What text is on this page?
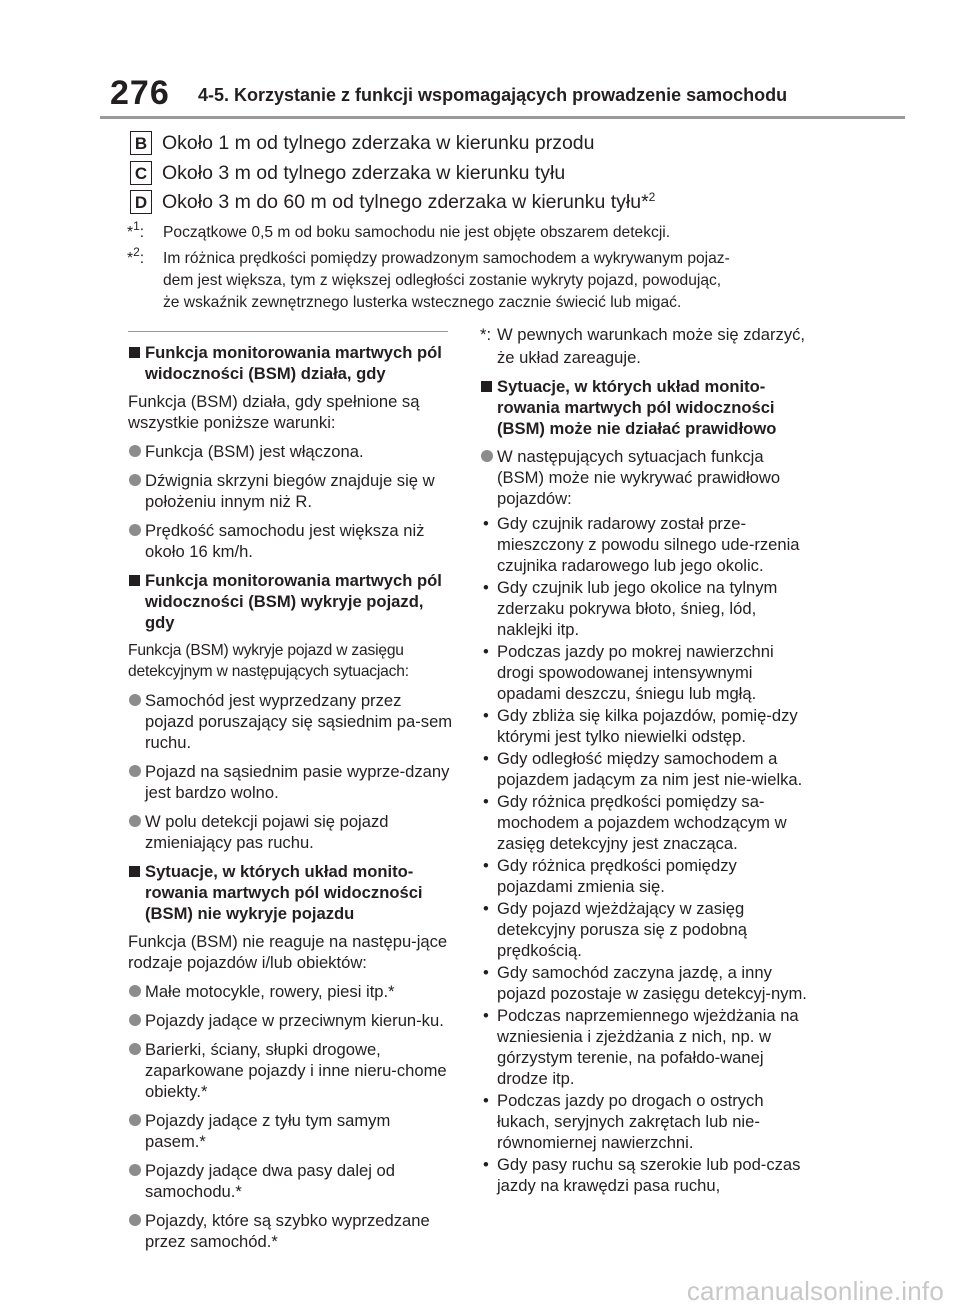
276 4-5. Korzystanie z funkcji wspomagających prowadzenie samochodu
B Około 1 m od tylnego zderzaka w kierunku przodu
C Około 3 m od tylnego zderzaka w kierunku tyłu
D Około 3 m do 60 m od tylnego zderzaka w kierunku tyłu*$^2$
*$^1$: Początkowe 0,5 m od boku samochodu nie jest objęte obszarem detekcji.
*$^2$: Im różnica prędkości pomiędzy prowadzonym samochodem a wykrywanym pojaz-
dem jest większa, tym z większej odległości zostanie wykryty pojazd, powodując,
że wskaźnik zewnętrznego lusterka wstecznego zacznie świecić lub migać.
Funkcja monitorowania martwych pól widoczności (BSM) działa, gdy
Funkcja (BSM) działa, gdy spełnione są wszystkie poniższe warunki:
Funkcja (BSM) jest włączona.
Dźwignia skrzyni biegów znajduje się w położeniu innym niż R.
Prędkość samochodu jest większa niż około 16 km/h.
Funkcja monitorowania martwych pól widoczności (BSM) wykryje pojazd, gdy
Funkcja (BSM) wykryje pojazd w zasięgu detekcyjnym w następujących sytuacjach:
Samochód jest wyprzedzany przez pojazd poruszający się sąsiednim pa-sem ruchu.
Pojazd na sąsiednim pasie wyprze-dzany jest bardzo wolno.
W polu detekcji pojawi się pojazd zmieniający pas ruchu.
Sytuacje, w których układ monito-rowania martwych pól widoczności (BSM) nie wykryje pojazdu
Funkcja (BSM) nie reaguje na następu-jące rodzaje pojazdów i/lub obiektów:
Małe motocykle, rowery, piesi itp.*
Pojazdy jadące w przeciwnym kierun-ku.
Barierki, ściany, słupki drogowe, zaparkowane pojazdy i inne nieru-chome obiekty.*
Pojazdy jadące z tyłu tym samym pasem.*
Pojazdy jadące dwa pasy dalej od samochodu.*
Pojazdy, które są szybko wyprzedzane przez samochód.*
*: W pewnych warunkach może się zdarzyć, że układ zareaguje.
Sytuacje, w których układ monito-rowania martwych pól widoczności (BSM) może nie działać prawidłowo
W następujących sytuacjach funkcja (BSM) może nie wykrywać prawidłowo pojazdów:
• Gdy czujnik radarowy został prze-mieszczony z powodu silnego ude-rzenia czujnika radarowego lub jego okolic.
• Gdy czujnik lub jego okolice na tylnym zderzaku pokrywa błoto, śnieg, lód, naklejki itp.
• Podczas jazdy po mokrej nawierzchni drogi spowodowanej intensywnymi opadami deszczu, śniegu lub mgłą.
• Gdy zbliża się kilka pojazdów, pomię-dzy którymi jest tylko niewielki odstęp.
• Gdy odległość między samochodem a pojazdem jadącym za nim jest nie-wielka.
• Gdy różnica prędkości pomiędzy sa-mochodem a pojazdem wchodzącym w zasięg detekcyjny jest znacząca.
• Gdy różnica prędkości pomiędzy pojazdami zmienia się.
• Gdy pojazd wjeżdżający w zasięg detekcyjny porusza się z podobną prędkością.
• Gdy samochód zaczyna jazdę, a inny pojazd pozostaje w zasięgu detekcyj-nym.
• Podczas naprzemiennego wjeżdżania na wzniesienia i zjeżdżania z nich, np. w górzystym terenie, na pofałdo-wanej drodze itp.
• Podczas jazdy po drogach o ostrych łukach, seryjnych zakrętach lub nie-równomiernej nawierzchni.
• Gdy pasy ruchu są szerokie lub pod-czas jazdy na krawędzi pasa ruchu,
carmanualsonline.info
